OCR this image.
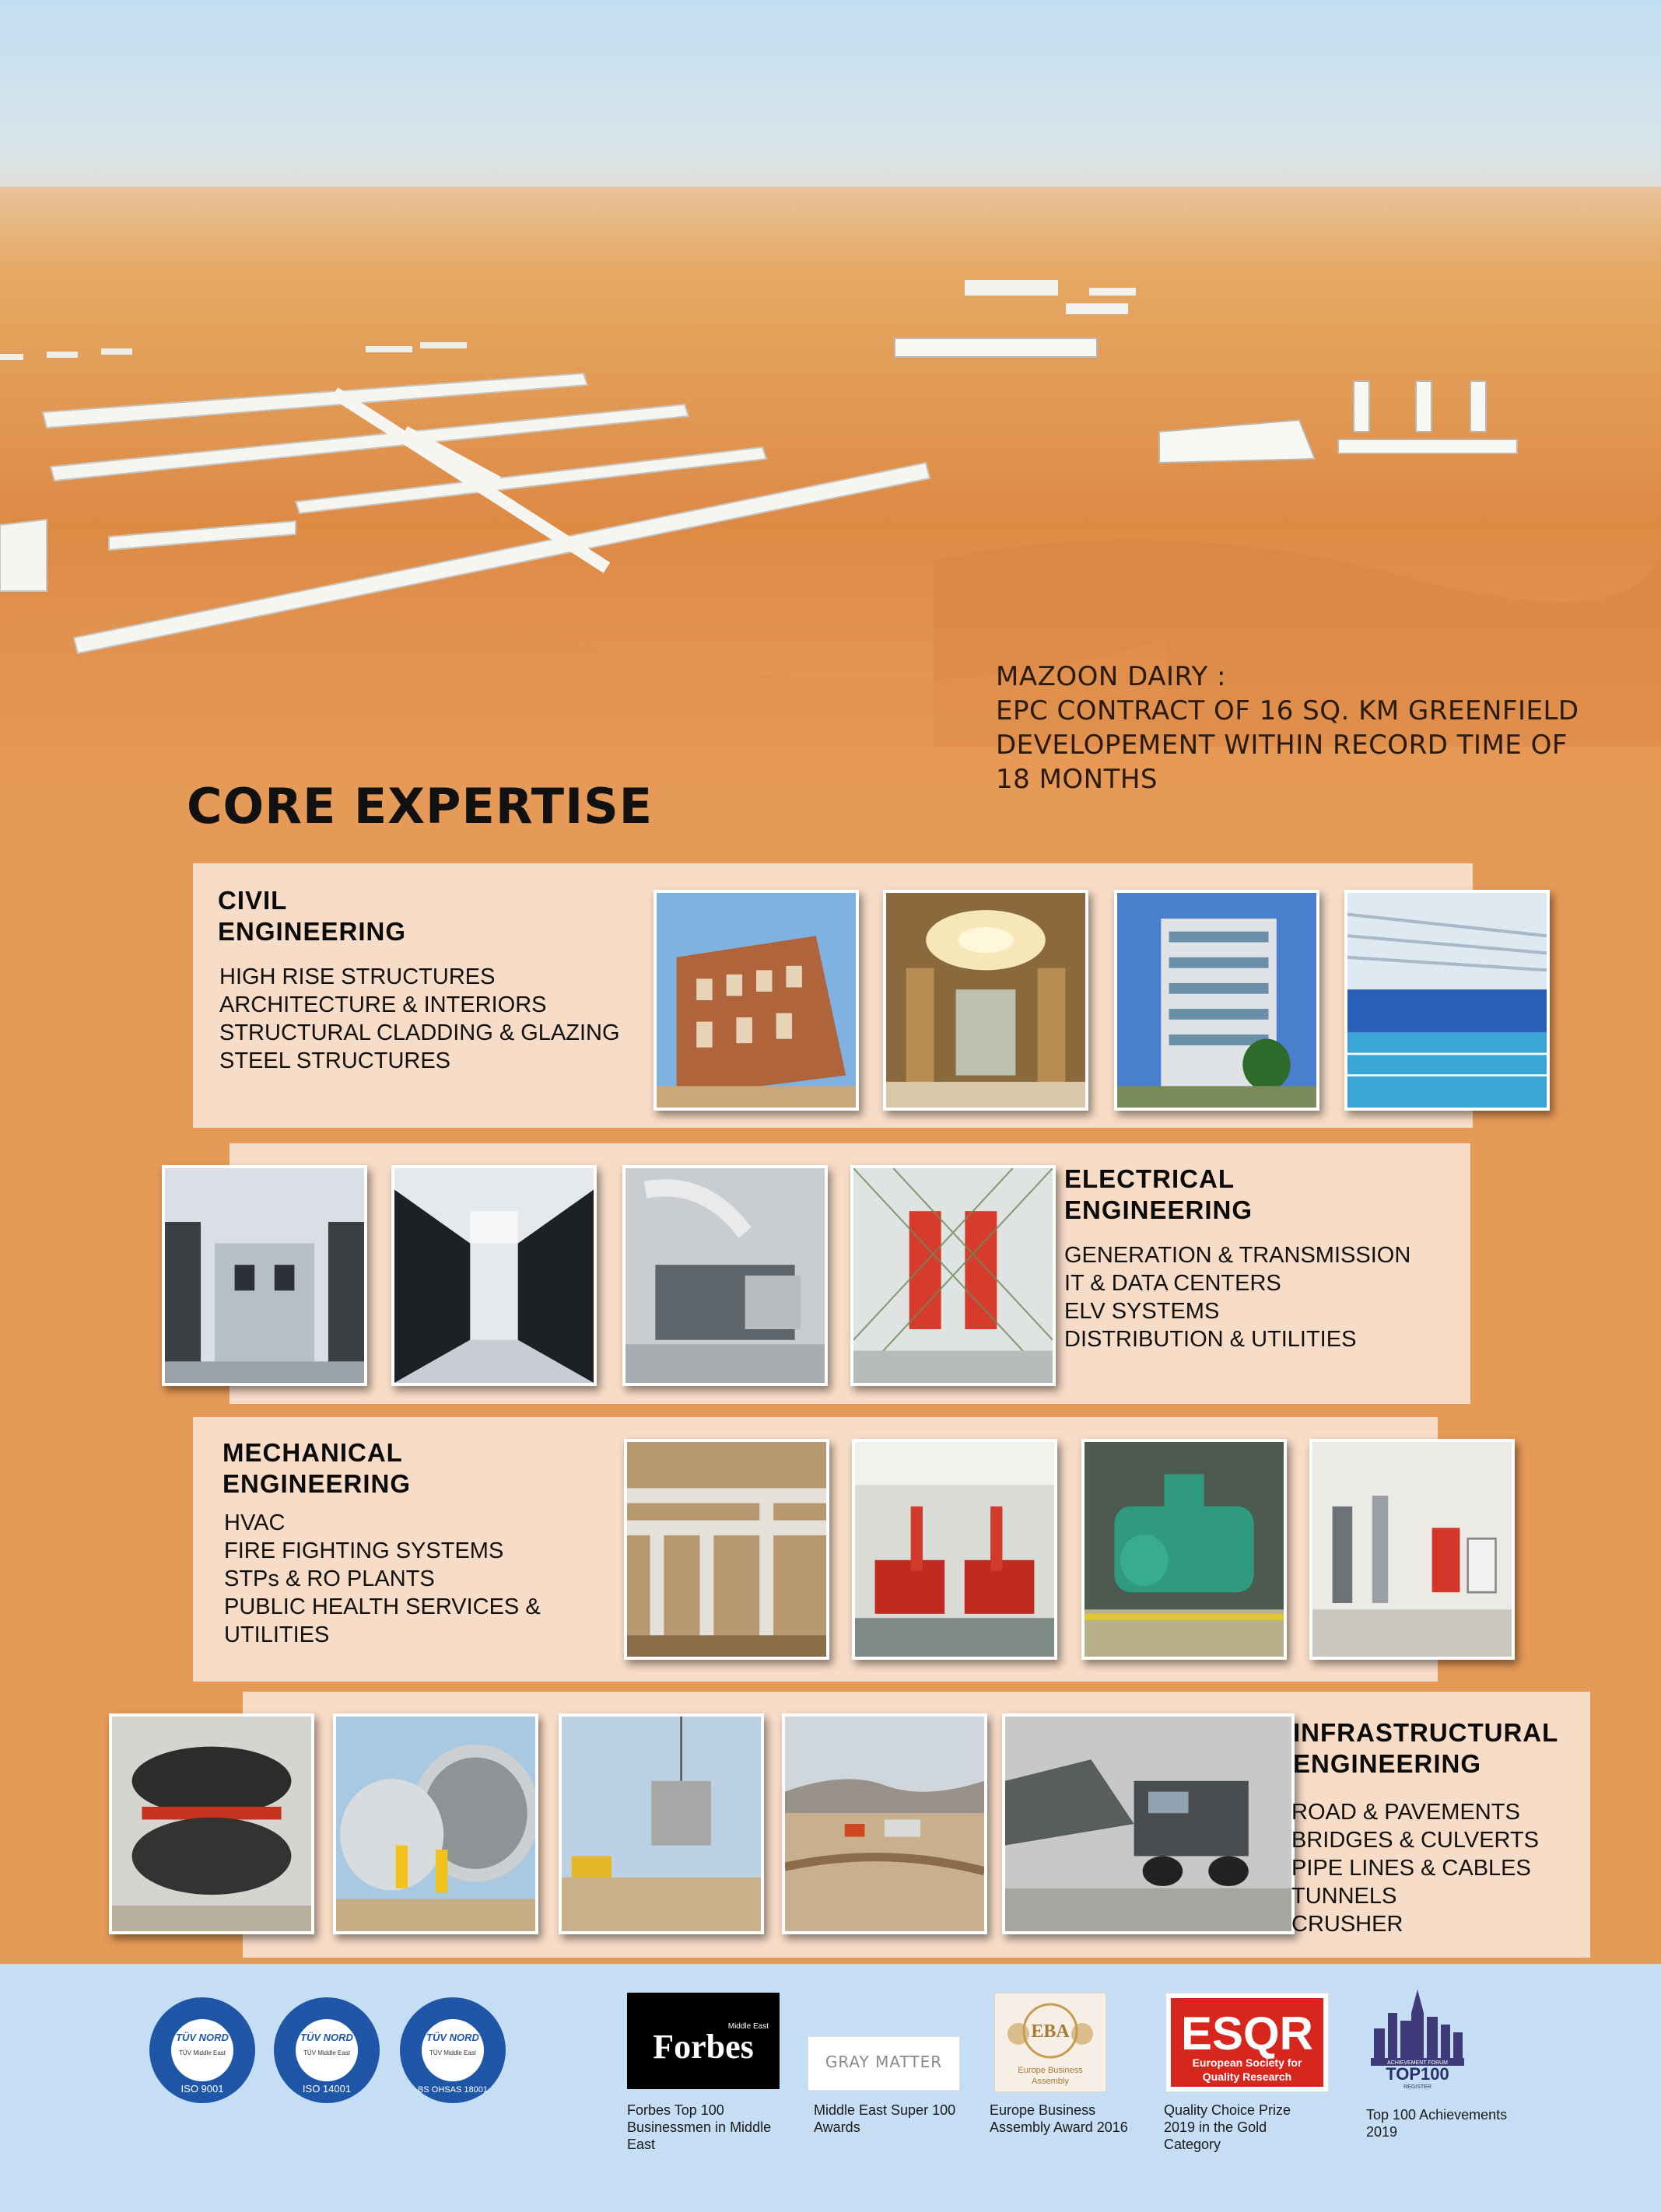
MAZOON DAIRY :
EPC CONTRACT OF 16 SQ. KM GREENFIELD
DEVELOPEMENT WITHIN RECORD TIME OF
18 MONTHS
CORE EXPERTISE
CIVIL
ENGINEERING
HIGH RISE STRUCTURES
ARCHITECTURE & INTERIORS
STRUCTURAL CLADDING & GLAZING
STEEL STRUCTURES
ELECTRICAL
ENGINEERING
GENERATION & TRANSMISSION
IT & DATA CENTERS
ELV SYSTEMS
DISTRIBUTION & UTILITIES
MECHANICAL
ENGINEERING
HVAC
FIRE FIGHTING SYSTEMS
STPs & RO PLANTS
PUBLIC HEALTH SERVICES &
UTILITIES
INFRASTRUCTURAL
ENGINEERING
ROAD & PAVEMENTS
BRIDGES & CULVERTS
PIPE LINES & CABLES
TUNNELS
CRUSHER
TÜV NORD
TÜV Middle East
ISO 9001
TÜV NORD
TÜV Middle East
ISO 14001
TÜV NORD
TÜV Middle East
BS OHSAS 18001
Middle East
Forbes
Forbes Top 100
Businessmen in Middle
East
GRAY MATTER
Middle East Super 100
Awards
EBA
Europe Business
Assembly
Europe Business
Assembly Award 2016
ESQR
European Society for
Quality Research
Quality Choice Prize
2019 in the Gold
Category
ACHIEVEMENT FORUM
TOP100
REGISTER
Top 100 Achievements
2019
